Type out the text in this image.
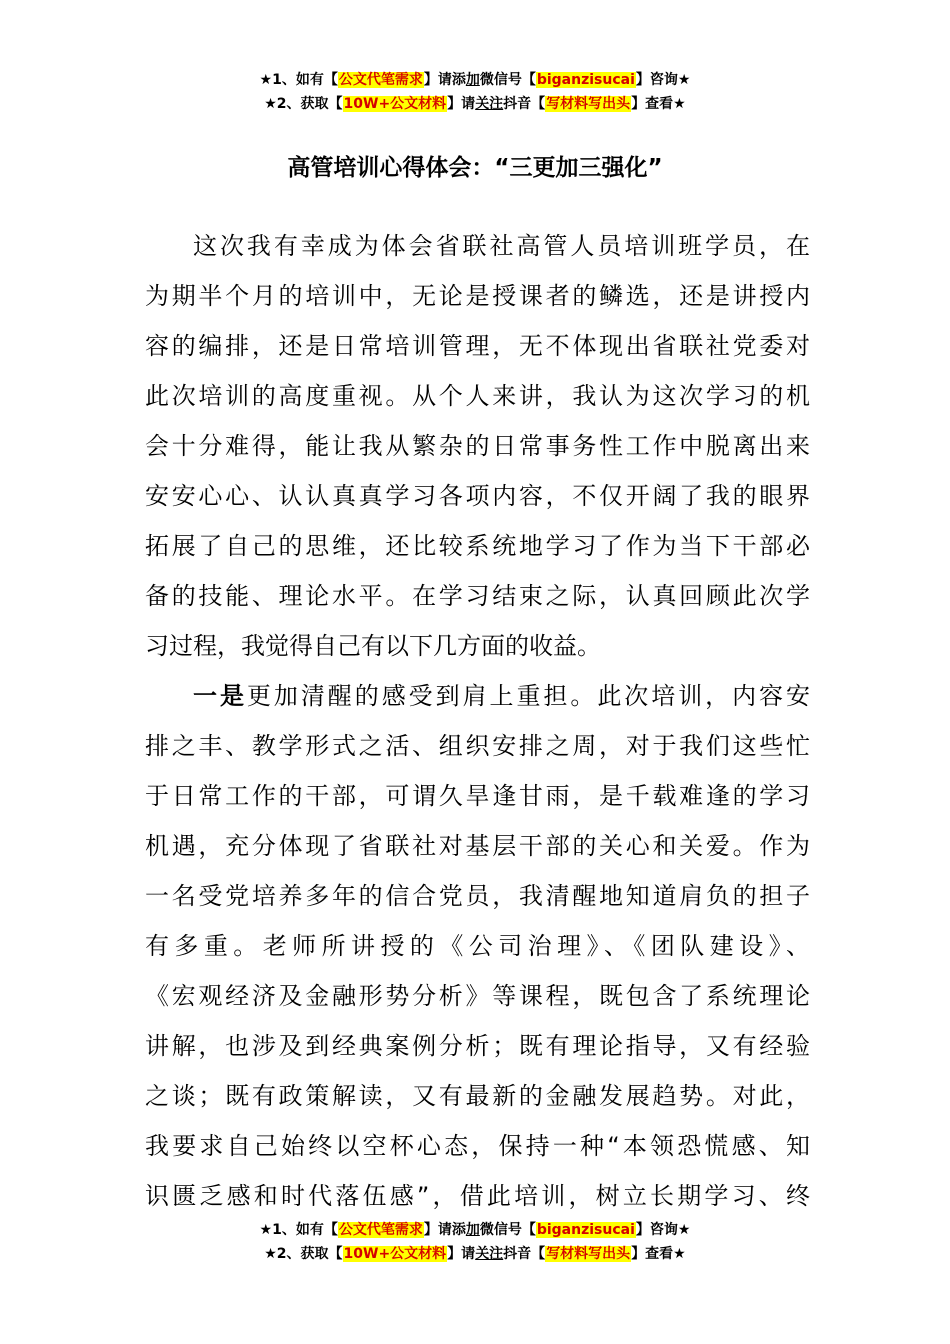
★1、如有【公文代笔需求】请添加微信号【biganzisucai】咨询★
★2、获取【10W+公文材料】请关注抖音【写材料写出头】查看★
高管培训心得体会：“三更加三强化”
这次我有幸成为体会省联社高管人员培训班学员，在
为期半个月的培训中，无论是授课者的鳞选，还是讲授内
容的编排，还是日常培训管理，无不体现出省联社党委对
此次培训的高度重视。从个人来讲，我认为这次学习的机
会十分难得，能让我从繁杂的日常事务性工作中脱离出来
安安心心、认认真真学习各项内容，不仅开阔了我的眼界
拓展了自己的思维，还比较系统地学习了作为当下干部必
备的技能、理论水平。在学习结束之际，认真回顾此次学
习过程，我觉得自己有以下几方面的收益。
一是更加清醒的感受到肩上重担。此次培训，内容安
排之丰、教学形式之活、组织安排之周，对于我们这些忙
于日常工作的干部，可谓久旱逢甘雨，是千载难逢的学习
机遇，充分体现了省联社对基层干部的关心和关爱。作为
一名受党培养多年的信合党员，我清醒地知道肩负的担子
有多重。老师所讲授的《公司治理》、《团队建设》、
《宏观经济及金融形势分析》等课程，既包含了系统理论
讲解，也涉及到经典案例分析；既有理论指导，又有经验
之谈；既有政策解读，又有最新的金融发展趋势。对此，
我要求自己始终以空杯心态，保持一种“本领恐慌感、知
识匮乏感和时代落伍感”，借此培训，树立长期学习、终
★1、如有【公文代笔需求】请添加微信号【biganzisucai】咨询★
★2、获取【10W+公文材料】请关注抖音【写材料写出头】查看★
